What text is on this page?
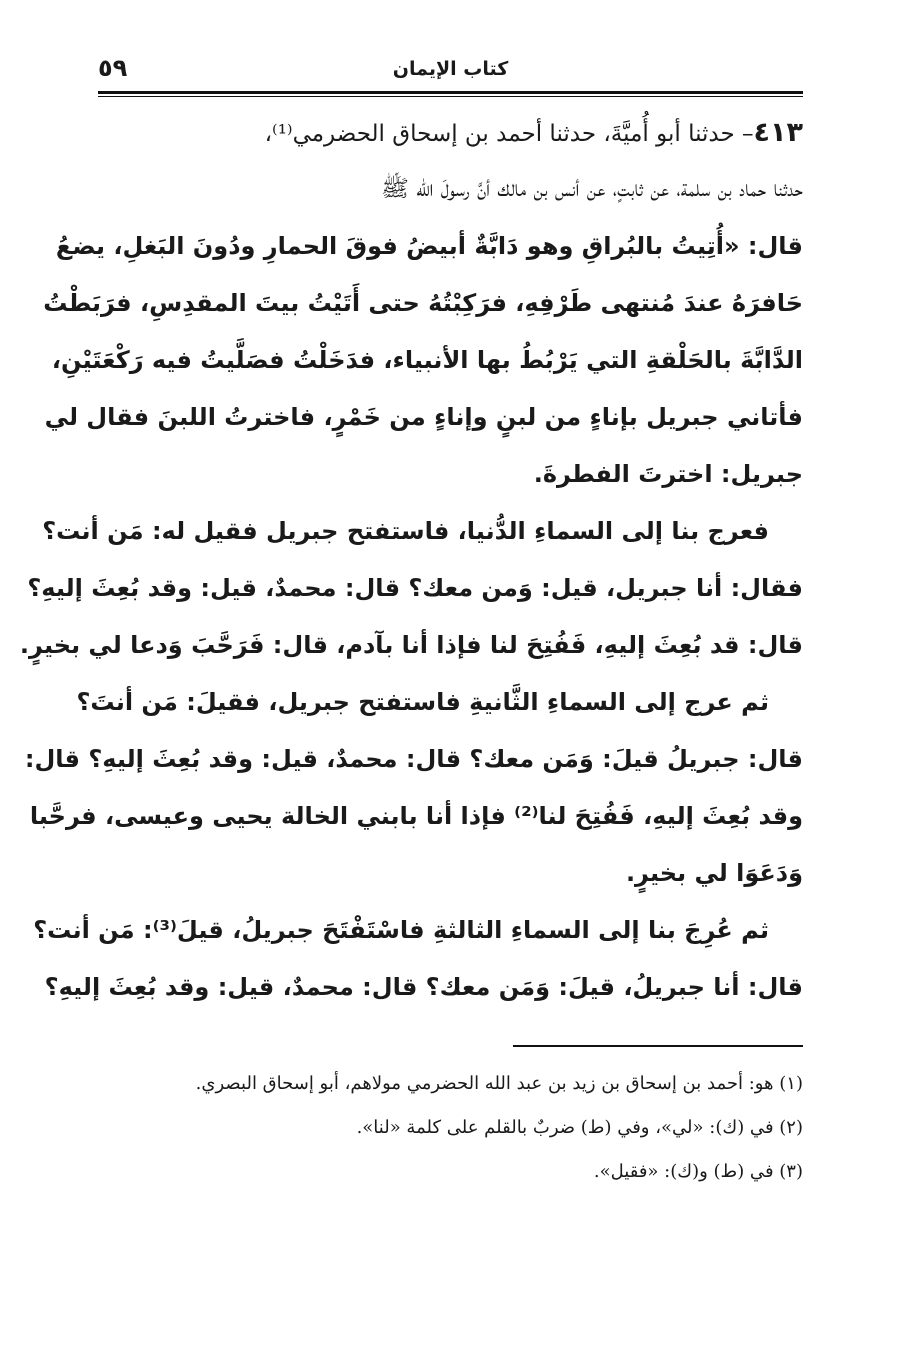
كتاب الإيمان
٥٩
٤١٣– حدثنا أبو أُميَّةَ، حدثنا أحمد بن إسحاق الحضرمي⁽¹⁾،
حدثنا حماد بن سلمة، عن ثابتٍ، عن أنس بن مالك أنَّ رسولَ الله ﷺ
قال: «أُتِيتُ بالبُراقِ وهو دَابَّةٌ أبيضُ فوقَ الحمارِ ودُونَ البَغلِ، يضعُ
حَافرَهُ عندَ مُنتهى طَرْفِهِ، فرَكِبْتُهُ حتى أَتَيْتُ بيتَ المقدِسِ، فرَبَطْتُ
الدَّابَّةَ بالحَلْقةِ التي يَرْبُطُ بها الأنبياء، فدَخَلْتُ فصَلَّيتُ فيه رَكْعَتَيْنِ،
فأتاني جبريل بإناءٍ من لبنٍ وإناءٍ من خَمْرٍ، فاخترتُ اللبنَ فقال لي
جبريل: اخترتَ الفطرةَ.
فعرج بنا إلى السماءِ الدُّنيا، فاستفتح جبريل فقيل له: مَن أنت؟
فقال: أنا جبريل، قيل: وَمن معك؟ قال: محمدٌ، قيل: وقد بُعِثَ إليهِ؟
قال: قد بُعِثَ إليهِ، فَفُتِحَ لنا فإذا أنا بآدم، قال: فَرَحَّبَ وَدعا لي بخيرٍ.
ثم عرج إلى السماءِ الثَّانيةِ فاستفتح جبريل، فقيلَ: مَن أنتَ؟
قال: جبريلُ قيلَ: وَمَن معك؟ قال: محمدٌ، قيل: وقد بُعِثَ إليهِ؟ قال:
وقد بُعِثَ إليهِ، فَفُتِحَ لنا⁽²⁾ فإذا أنا بابني الخالة يحيى وعيسى، فرحَّبا
وَدَعَوَا لي بخيرٍ.
ثم عُرِجَ بنا إلى السماءِ الثالثةِ فاسْتَفْتَحَ جبريلُ، قيلَ⁽³⁾: مَن أنت؟
قال: أنا جبريلُ، قيلَ: وَمَن معك؟ قال: محمدٌ، قيل: وقد بُعِثَ إليهِ؟
(١) هو: أحمد بن إسحاق بن زيد بن عبد الله الحضرمي مولاهم، أبو إسحاق البصري.
(٢) في (ك): «لي»، وفي (ط) ضربٌ بالقلم على كلمة «لنا».
(٣) في (ط) و(ك): «فقيل».
